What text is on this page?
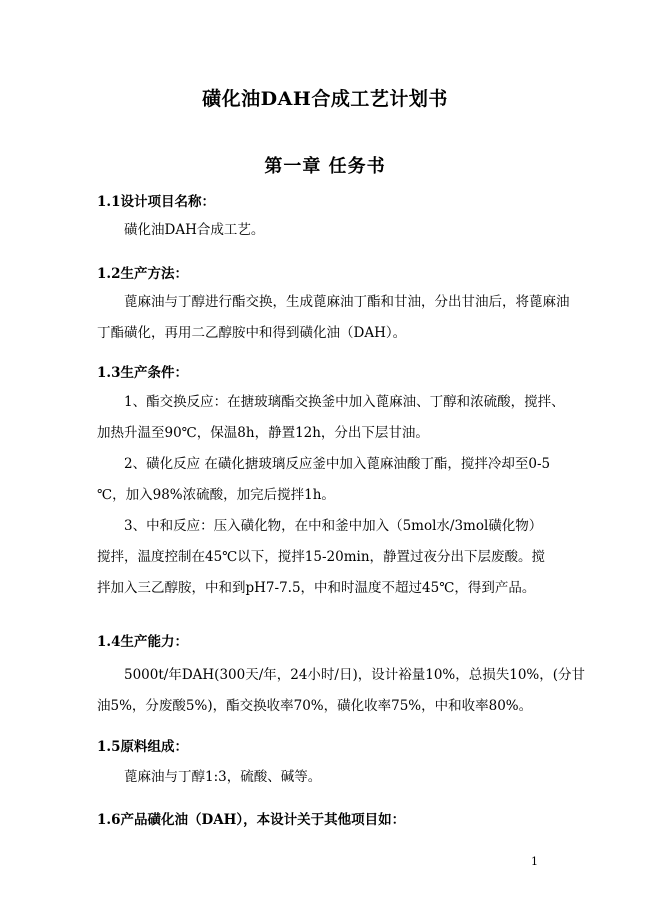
磺化油DAH合成工艺计划书
第一章 任务书
1.1设计项目名称：
磺化油DAH合成工艺。
1.2生产方法：
蓖麻油与丁醇进行酯交换，生成蓖麻油丁酯和甘油，分出甘油后，将蓖麻油
丁酯磺化，再用二乙醇胺中和得到磺化油（DAH）。
1.3生产条件：
1、酯交换反应：在搪玻璃酯交换釜中加入蓖麻油、丁醇和浓硫酸，搅拌、
加热升温至90℃，保温8h，静置12h，分出下层甘油。
2、磺化反应 在磺化搪玻璃反应釜中加入蓖麻油酸丁酯，搅拌冷却至0-5
℃，加入98%浓硫酸，加完后搅拌1h。
3、中和反应：压入磺化物，在中和釜中加入（5mol水/3mol磺化物）
搅拌，温度控制在45℃以下，搅拌15-20min，静置过夜分出下层废酸。搅
拌加入三乙醇胺，中和到pH7-7.5，中和时温度不超过45℃，得到产品。
1.4生产能力：
5000t/年DAH(300天/年，24小时/日)，设计裕量10%，总损失10%，(分甘
油5%，分废酸5%)，酯交换收率70%，磺化收率75%，中和收率80%。
1.5原料组成：
蓖麻油与丁醇1:3，硫酸、碱等。
1.6产品磺化油（DAH），本设计关于其他项目如：
1
